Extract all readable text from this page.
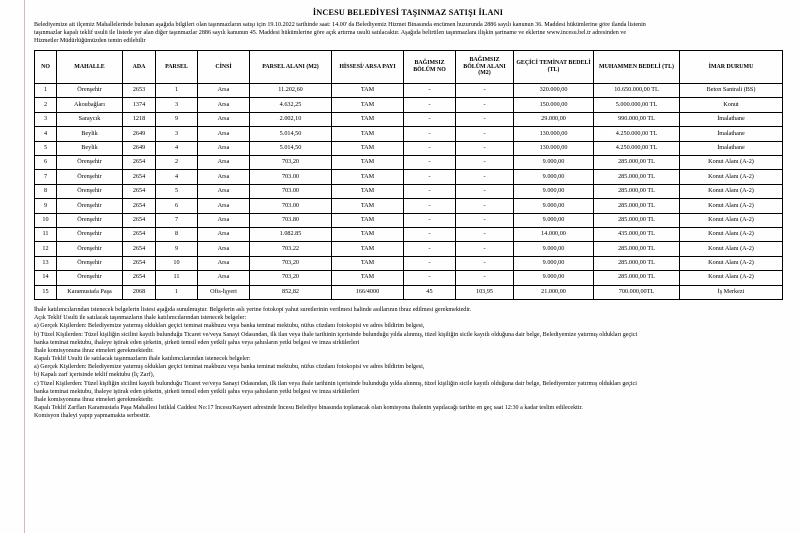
İNCESU BELEDİYESİ TAŞINMAZ SATIŞI İLANI

Belediyemize ait ilçemiz Mahallelerinde bulunan aşağıda bilgileri olan taşınmazların satışı için 19.10.2022 tarihinde saat: 14.00' da Belediyemiz Hizmet Binasında encümen huzurunda 2886 sayılı kanunun 36. Maddesi hükümlerine göre ilanda listenin

taşınmazlar kapalı teklif usulü ile listede yer alan diğer taşınmazlar 2886 sayılı kanunun 45. Maddesi hükümlerine göre açık artırma usulü satılacaktır. Aşağıda belirtilen taşınmazlara ilişkin şartname ve eklerine www.incesu.bel.tr adresinden ve

Hizmetler Müdürlüğümüzden temin edilebilir

NO	MAHALLE	ADA	PARSEL	CİNSİ	PARSEL ALANI (M2)	HİSSESİ/ ARSA PAYI	BAĞIMSIZ BÖLÜM NO	BAĞIMSIZ BÖLÜM ALANI (M2)	GEÇİCİ TEMİNAT BEDELİ (TL)	MUHAMMEN BEDELİ (TL)	İMAR DURUMU
1	Örenşehir	2653	1	Arsa	11.202,60	TAM	-	-	320.000,00	10.650.000,00 TL	Beton Santrali (BS)
2	Akoubağları	1374	3	Arsa	4.632,25	TAM	-	-	150.000,00	5.000.000,00 TL	Konut
3	Saraycık	1218	9	Arsa	2.002,10	TAM	-	-	29.000,00	990.000,00 TL	İmalathane
4	Beylik	2649	3	Arsa	5.014,50	TAM	-	-	130.000,00	4.250.000,00 TL	İmalathane
5	Beylik	2649	4	Arsa	5.014,50	TAM	-	-	130.000,00	4.250.000,00 TL	İmalathane
6	Örenşehir	2654	2	Arsa	703,20	TAM	-	-	9.000,00	285.000,00 TL	Konut Alanı (A-2)
7	Örenşehir	2654	4	Arsa	703.00	TAM	-	-	9.000,00	285.000,00 TL	Konut Alanı (A-2)
8	Örenşehir	2654	5	Arsa	703.00	TAM	-	-	9.000,00	285.000,00 TL	Konut Alanı (A-2)
9	Örenşehir	2654	6	Arsa	703.00	TAM	-	-	9.000,00	285.000,00 TL	Konut Alanı (A-2)
10	Örenşehir	2654	7	Arsa	703.80	TAM	-	-	9.000,00	285.000,00 TL	Konut Alanı (A-2)
11	Örenşehir	2654	8	Arsa	1.082.85	TAM	-	-	14.000,00	435.000,00 TL	Konut Alanı (A-2)
12	Örenşehir	2654	9	Arsa	703.22	TAM	-	-	9.000,00	285.000,00 TL	Konut Alanı (A-2)
13	Örenşehir	2654	10	Arsa	703,20	TAM	-	-	9.000,00	285.000,00 TL	Konut Alanı (A-2)
14	Örenşehir	2654	11	Arsa	703,20	TAM	-	-	9.000,00	285.000,00 TL	Konut Alanı (A-2)
15	Karamustafa Paşa	2068	1	Ofis-İşyeri	852,82	166/4000	45	103,95	21.000,00	700.000,00TL	İş Merkezi

İhale katılımcılarından istenecek belgelerin listesi aşağıda sunulmuştur. Belgelerin aslı yerine fotokopi yahut suretlerinin verilmesi halinde asıllarının ibraz edilmesi gerekmektedir.

Açık Teklif Usulü ile satılacak taşınmazların ihale katılımcılarından istenecek belgeler:

a) Gerçek Kişilerden: Belediyemize yatırmış oldukları geçici teminat makbuzu veya banka teminat mektubu, nüfus cüzdanı fotokopisi ve adres bildirim belgesi,

b) Tüzel Kişilerden: Tüzel kişiliğin sicilini kayıtlı bulunduğu Ticaret ve/veya Sanayi Odasından, ilk ilan veya ihale tarihinin içerisinde bulunduğu yılda alınmış, tüzel kişiliğin sicile kayıtlı olduğuna dair belge, Belediyemize yatırmış oldukları geçici

banka teminat mektubu, ihaleye iştirak eden şirketin, şirketi temsil eden yetkili şahıs veya şahısların yetki belgesi ve imza sirkülerleri

İhale komisyonuna ihraz etmeleri gerekmektedir.

Kapalı Teklif Usulü ile satılacak taşınmazların ihale katılımcılarından istenecek belgeler:

a) Gerçek Kişilerden: Belediyemize yatırmış oldukları geçici teminat makbuzu veya banka teminat mektubu, nüfus cüzdanı fotokopisi ve adres bildirim belgesi,

b) Kapalı zarf içerisinde teklif mektubu (İç Zarf),

c) Tüzel Kişilerden: Tüzel kişiliğin sicilini kayıtlı bulunduğu Ticaret ve/veya Sanayi Odasından, ilk ilan veya ihale tarihinin içerisinde bulunduğu yılda alınmış, tüzel kişiliğin sicile kayıtlı olduğuna dair belge, Belediyemize yatırmış oldukları geçici

banka teminat mektubu, ihaleye iştirak eden şirketin, şirketi temsil eden yetkili şahıs veya şahısların yetki belgesi ve imza sirkülerleri

İhale komisyonuna ihraz etmeleri gerekmektedir.

Kapalı Teklif Zarfları Karamustafa Paşa Mahallesi İstiklal Caddesi No:17 İncesu/Kayseri adresinde İncesu Belediye binasında toplanacak olan komisyona ihalenin yapılacağı tarihte en geç saat 12:30 a kadar teslim edilecektir.

Komisyon ihaleyi yapıp yapmamakta serbesttir.
